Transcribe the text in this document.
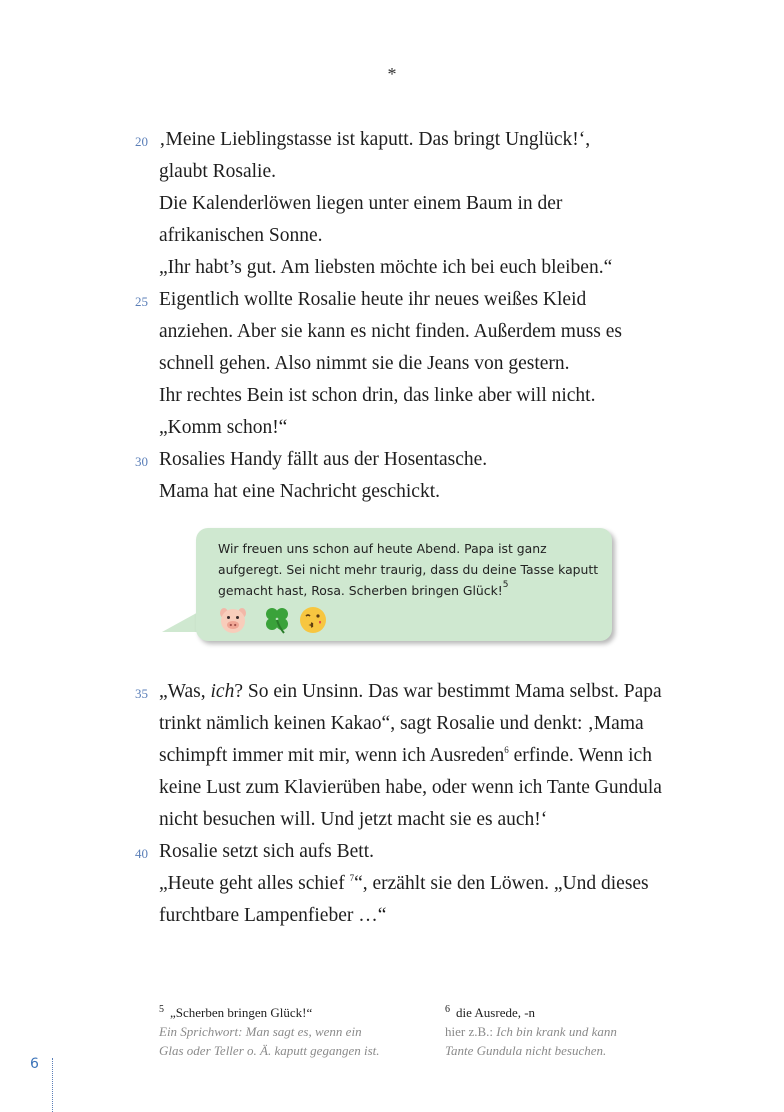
*
20 ‚Meine Lieblingstasse ist kaputt. Das bringt Unglück!‘,
glaubt Rosalie.
Die Kalenderlöwen liegen unter einem Baum in der
afrikanischen Sonne.
„Ihr habt’s gut. Am liebsten möchte ich bei euch bleiben.“
25 Eigentlich wollte Rosalie heute ihr neues weißes Kleid
anziehen. Aber sie kann es nicht finden. Außerdem muss es
schnell gehen. Also nimmt sie die Jeans von gestern.
Ihr rechtes Bein ist schon drin, das linke aber will nicht.
„Komm schon!“
30 Rosalies Handy fällt aus der Hosentasche.
Mama hat eine Nachricht geschickt.
Wir freuen uns schon auf heute Abend. Papa ist ganz aufgeregt. Sei nicht mehr traurig, dass du deine Tasse kaputt gemacht hast, Rosa. Scherben bringen Glück!$^5$
35 „Was, ich? So ein Unsinn. Das war bestimmt Mama selbst. Papa
trinkt nämlich keinen Kakao“, sagt Rosalie und denkt: ‚Mama
schimpft immer mit mir, wenn ich Ausreden$^6$ erfinde. Wenn ich
keine Lust zum Klavierüben habe, oder wenn ich Tante Gundula
nicht besuchen will. Und jetzt macht sie es auch!‘
40 Rosalie setzt sich aufs Bett.
„Heute geht alles schief $^7$“, erzählt sie den Löwen. „Und dieses
furchtbare Lampenfieber …“
$^5$ „Scherben bringen Glück!“
Ein Sprichwort: Man sagt es, wenn ein
Glas oder Teller o. Ä. kaputt gegangen ist.
$^6$ die Ausrede, -n
hier z.B.: Ich bin krank und kann
Tante Gundula nicht besuchen.
6
